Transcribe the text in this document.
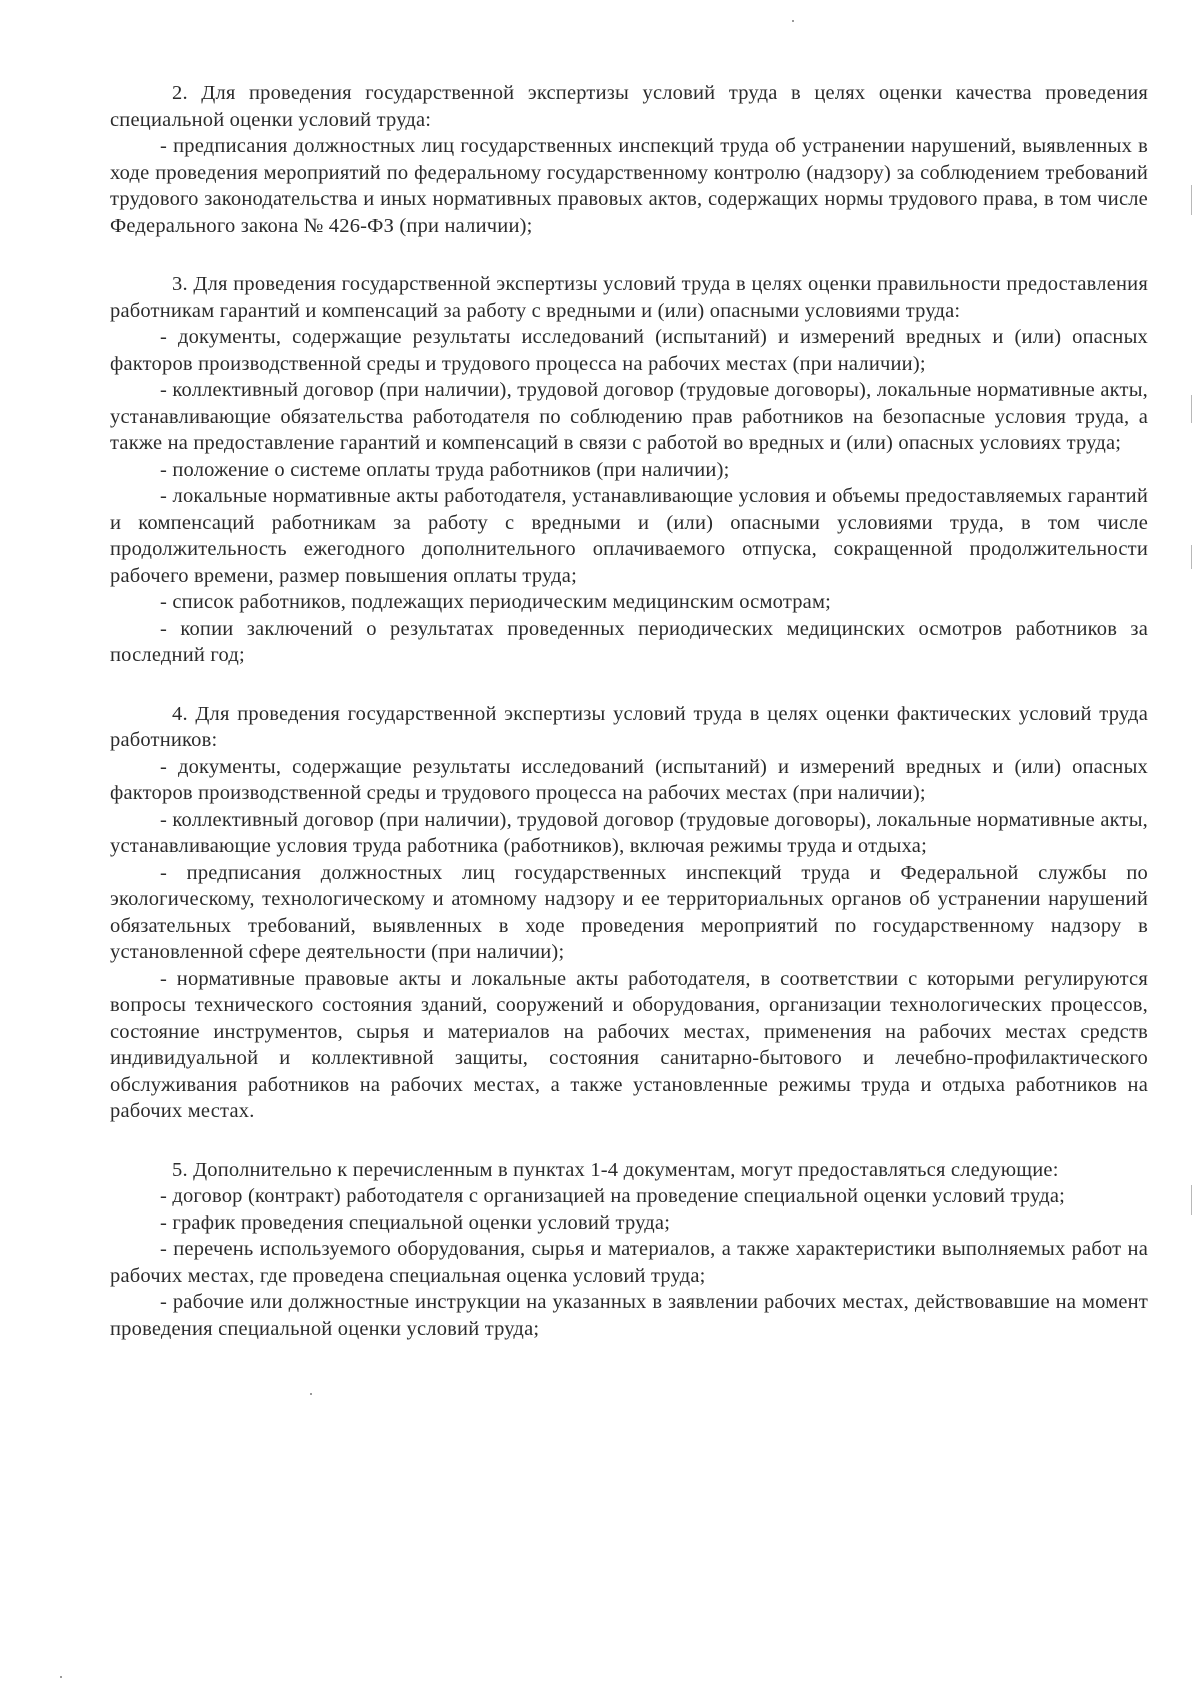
2. Для проведения государственной экспертизы условий труда в целях оценки качества проведения специальной оценки условий труда:

- предписания должностных лиц государственных инспекций труда об устранении нарушений, выявленных в ходе проведения мероприятий по федеральному государственному контролю (надзору) за соблюдением требований трудового законодательства и иных нормативных правовых актов, содержащих нормы трудового права, в том числе Федерального закона № 426-ФЗ (при наличии);

3. Для проведения государственной экспертизы условий труда в целях оценки правильности предоставления работникам гарантий и компенсаций за работу с вредными и (или) опасными условиями труда:

- документы, содержащие результаты исследований (испытаний) и измерений вредных и (или) опасных факторов производственной среды и трудового процесса на рабочих местах (при наличии);

- коллективный договор (при наличии), трудовой договор (трудовые договоры), локальные нормативные акты, устанавливающие обязательства работодателя по соблюдению прав работников на безопасные условия труда, а также на предоставление гарантий и компенсаций в связи с работой во вредных и (или) опасных условиях труда;

- положение о системе оплаты труда работников (при наличии);

- локальные нормативные акты работодателя, устанавливающие условия и объемы предоставляемых гарантий и компенсаций работникам за работу с вредными и (или) опасными условиями труда, в том числе продолжительность ежегодного дополнительного оплачиваемого отпуска, сокращенной продолжительности рабочего времени, размер повышения оплаты труда;

- список работников, подлежащих периодическим медицинским осмотрам;

- копии заключений о результатах проведенных периодических медицинских осмотров работников за последний год;

4. Для проведения государственной экспертизы условий труда в целях оценки фактических условий труда работников:

- документы, содержащие результаты исследований (испытаний) и измерений вредных и (или) опасных факторов производственной среды и трудового процесса на рабочих местах (при наличии);

- коллективный договор (при наличии), трудовой договор (трудовые договоры), локальные нормативные акты, устанавливающие условия труда работника (работников), включая режимы труда и отдыха;

- предписания должностных лиц государственных инспекций труда и Федеральной службы по экологическому, технологическому и атомному надзору и ее территориальных органов об устранении нарушений обязательных требований, выявленных в ходе проведения мероприятий по государственному надзору в установленной сфере деятельности (при наличии);

- нормативные правовые акты и локальные акты работодателя, в соответствии с которыми регулируются вопросы технического состояния зданий, сооружений и оборудования, организации технологических процессов, состояние инструментов, сырья и материалов на рабочих местах, применения на рабочих местах средств индивидуальной и коллективной защиты, состояния санитарно-бытового и лечебно-профилактического обслуживания работников на рабочих местах, а также установленные режимы труда и отдыха работников на рабочих местах.

5. Дополнительно к перечисленным в пунктах 1-4 документам, могут предоставляться следующие:

- договор (контракт) работодателя с организацией на проведение специальной оценки условий труда;

- график проведения специальной оценки условий труда;

- перечень используемого оборудования, сырья и материалов, а также характеристики выполняемых работ на рабочих местах, где проведена специальная оценка условий труда;

- рабочие или должностные инструкции на указанных в заявлении рабочих местах, действовавшие на момент проведения специальной оценки условий труда;
